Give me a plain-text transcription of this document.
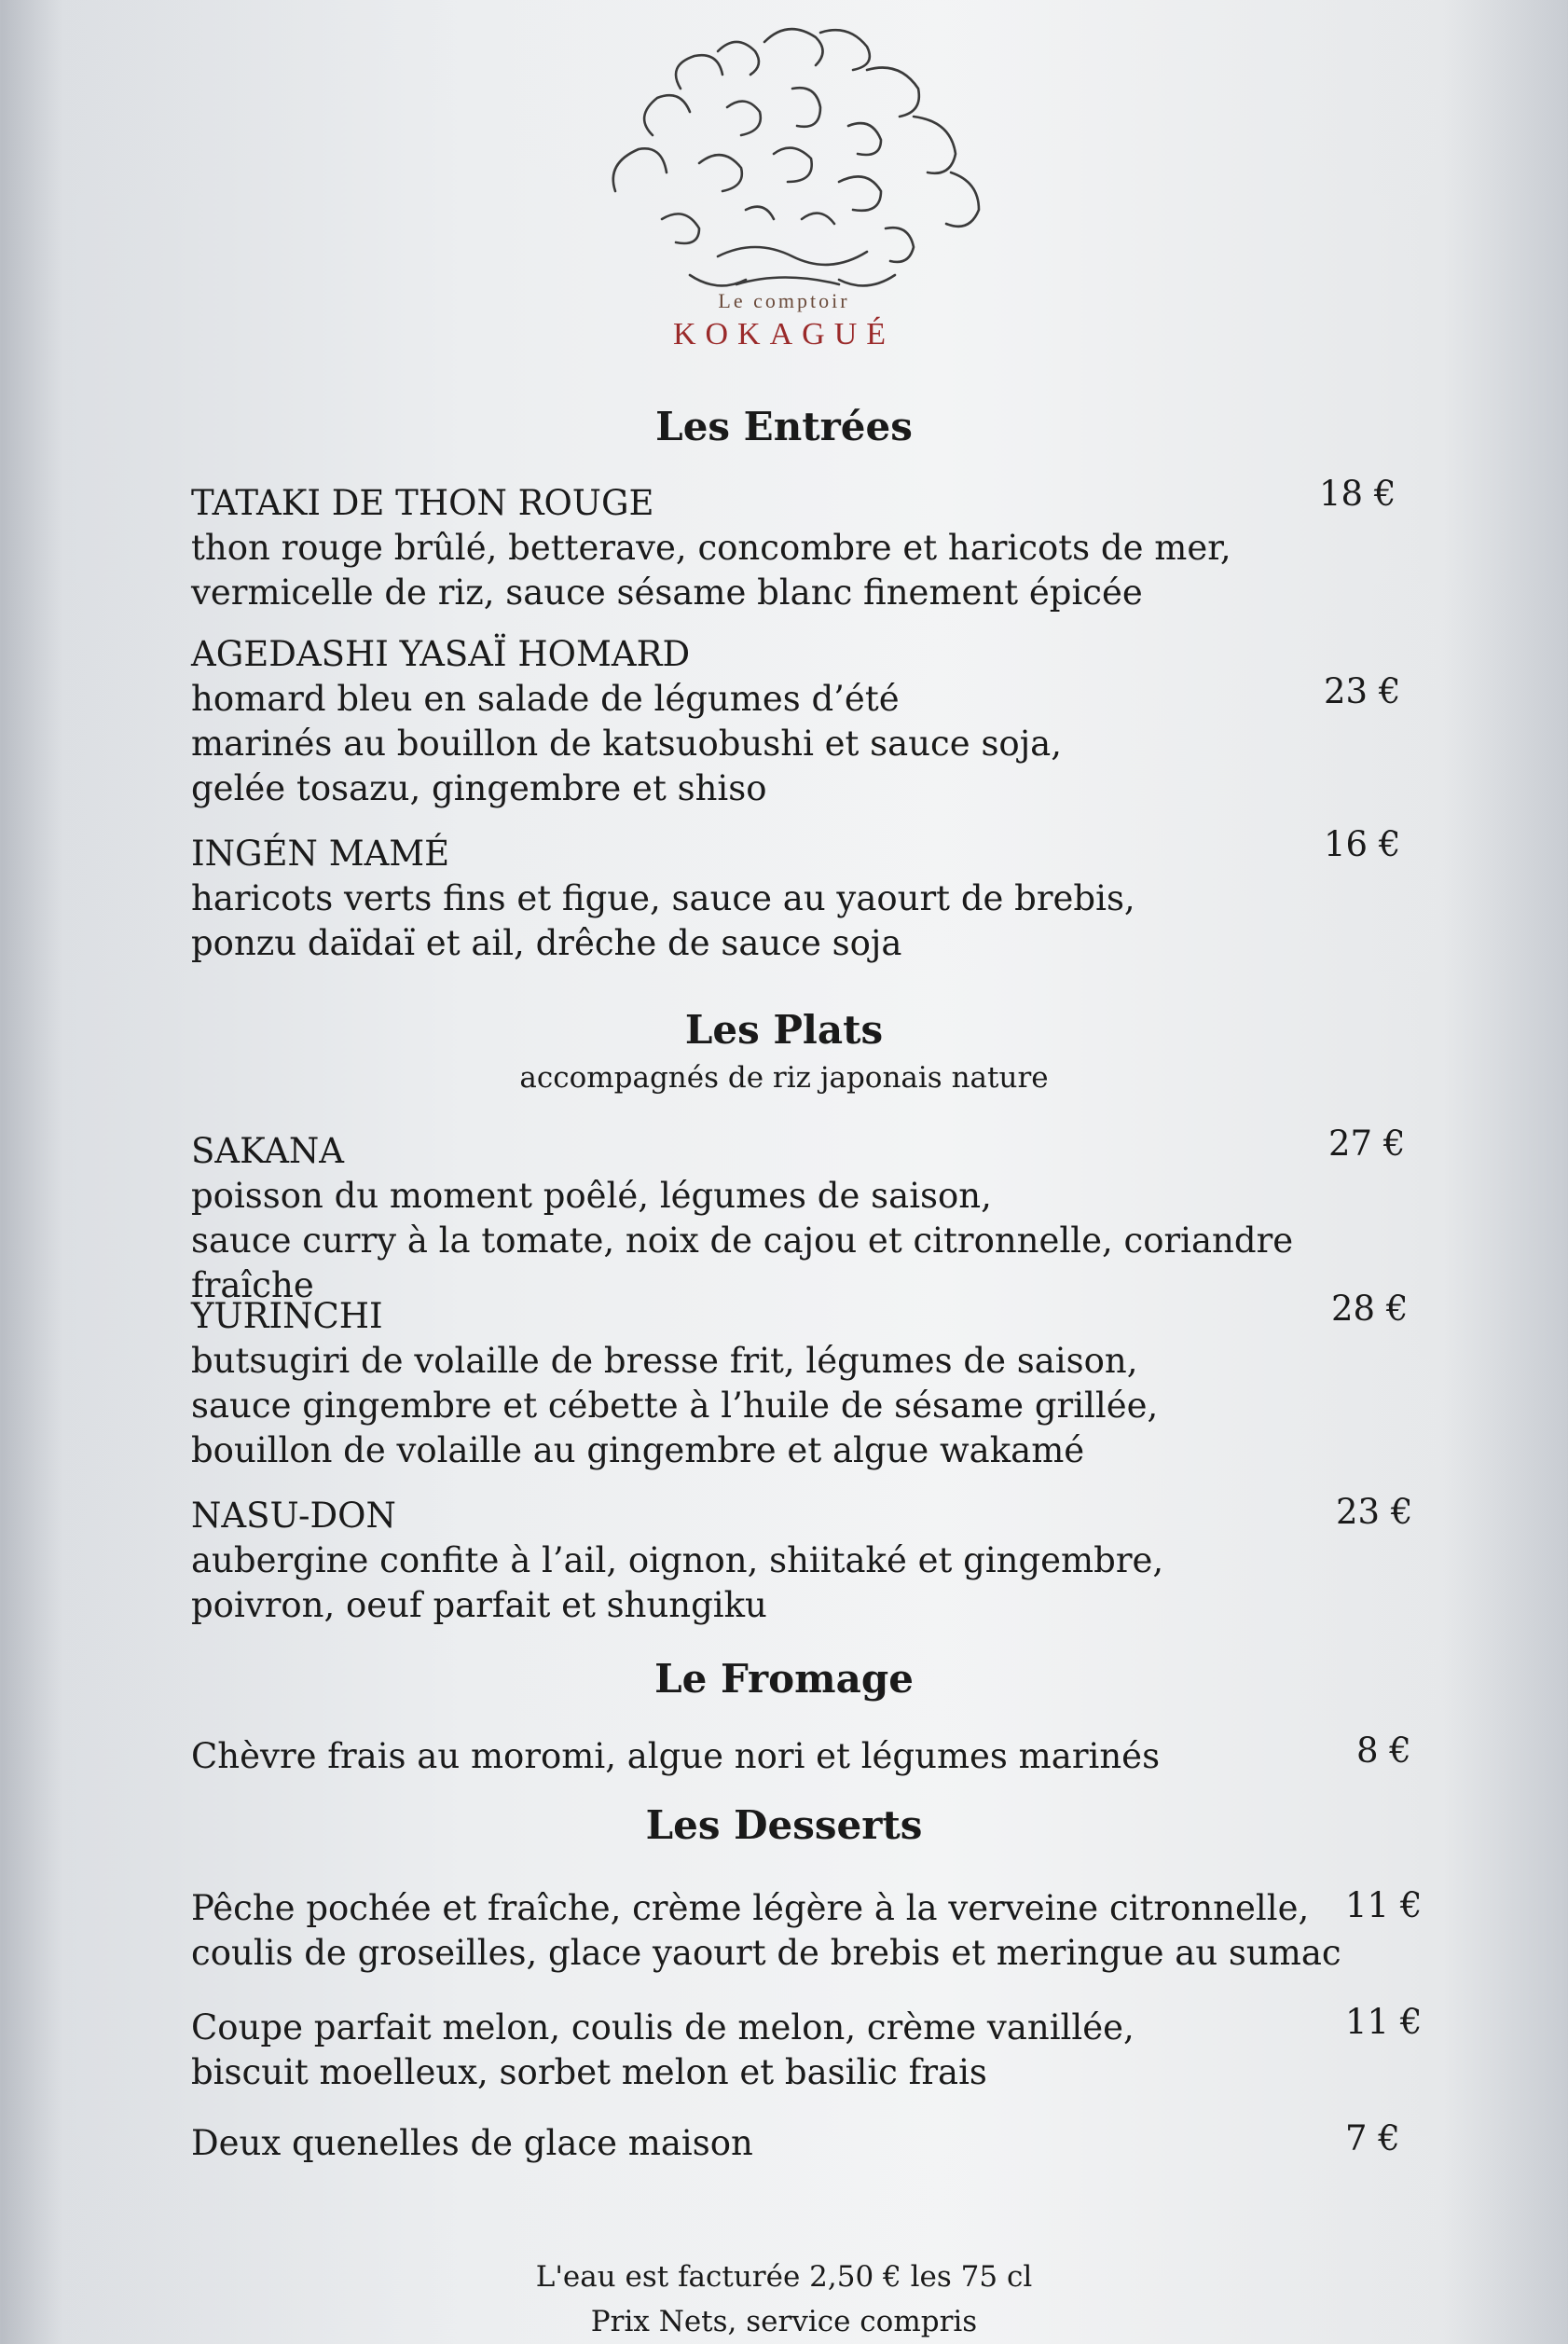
Le comptoir
KOKAGUÉ
Les Entrées
TATAKI DE THON ROUGE
thon rouge brûlé, betterave, concombre et haricots de mer,
vermicelle de riz, sauce sésame blanc finement épicée
18 €
AGEDASHI YASAÏ HOMARD
homard bleu en salade de légumes d’été
marinés au bouillon de katsuobushi et sauce soja,
gelée tosazu, gingembre et shiso
23 €
INGÉN MAMÉ
haricots verts fins et figue, sauce au yaourt de brebis,
ponzu daïdaï et ail, drêche de sauce soja
16 €
Les Plats
accompagnés de riz japonais nature
SAKANA
poisson du moment poêlé, légumes de saison,
sauce curry à la tomate, noix de cajou et citronnelle, coriandre fraîche
27 €
YURINCHI
butsugiri de volaille de bresse frit, légumes de saison,
sauce gingembre et cébette à l’huile de sésame grillée,
bouillon de volaille au gingembre et algue wakamé
28 €
NASU-DON
aubergine confite à l’ail, oignon, shiitaké et gingembre,
poivron, oeuf parfait et shungiku
23 €
Le Fromage
Chèvre frais au moromi, algue nori et légumes marinés	8 €
Les Desserts
Pêche pochée et fraîche, crème légère à la verveine citronnelle,
coulis de groseilles, glace yaourt de brebis et meringue au sumac
11 €
Coupe parfait melon, coulis de melon, crème vanillée,
biscuit moelleux, sorbet melon et basilic frais
11 €
Deux quenelles de glace maison	7 €
L'eau est facturée 2,50 € les 75 cl
Prix Nets, service compris
